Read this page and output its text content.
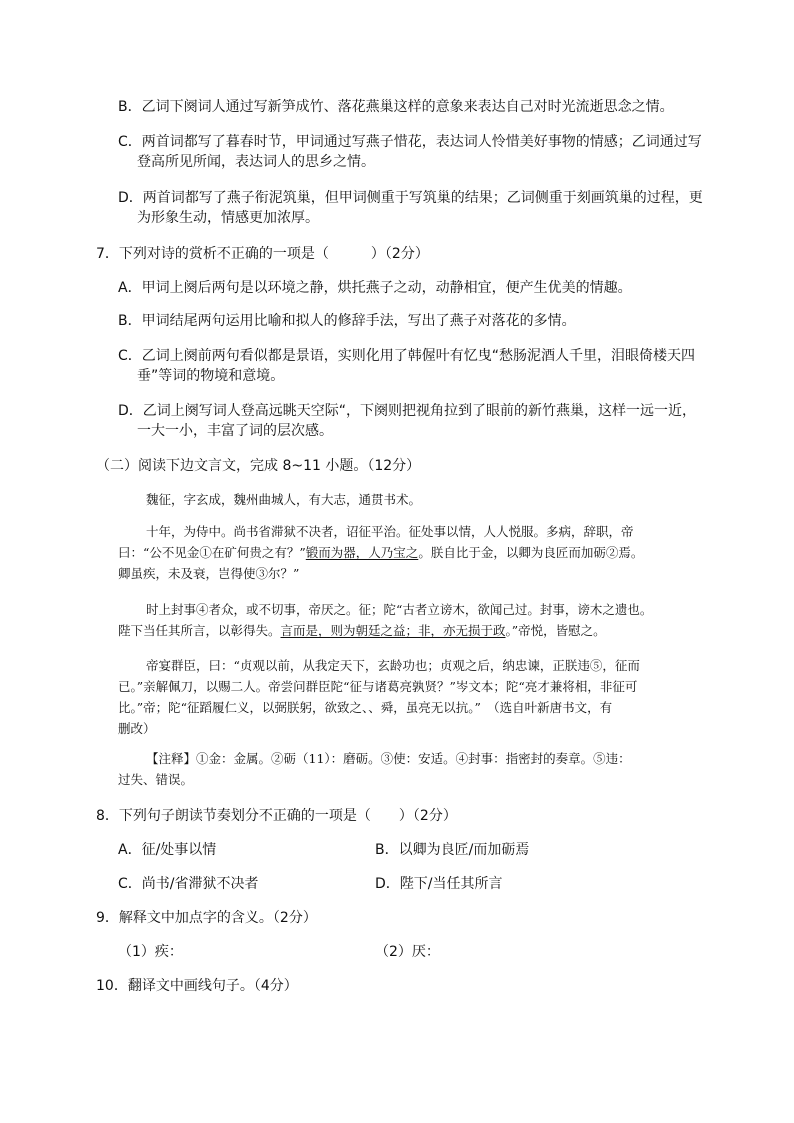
B．乙词下阕词人通过写新笋成竹、落花燕巢这样的意象来表达自己对时光流逝思念之情。
C．两首词都写了暮春时节，甲词通过写燕子惜花，表达词人怜惜美好事物的情感；乙词通过写
登高所见所闻，表达词人的思乡之情。
D．两首词都写了燕子衔泥筑巢，但甲词侧重于写筑巢的结果；乙词侧重于刻画筑巢的过程，更
为形象生动，情感更加浓厚。
7．下列对诗的赏析不正确的一项是（　　　）（2分）
A．甲词上阕后两句是以环境之静，烘托燕子之动，动静相宜，便产生优美的情趣。
B．甲词结尾两句运用比喻和拟人的修辞手法，写出了燕子对落花的多情。
C．乙词上阕前两句看似都是景语，实则化用了韩偓叶有忆曳“愁肠泥酒人千里，泪眼倚楼天四
垂”等词的物境和意境。
D．乙词上阕写词人登高远眺天空际“，下阕则把视角拉到了眼前的新竹燕巢，这样一远一近，
一大一小，丰富了词的层次感。
（二）阅读下边文言文，完成 8~11 小题。（12分）
魏征，字玄成，魏州曲城人，有大志，通贯书术。
十年，为侍中。尚书省滞狱不决者，诏征平治。征处事以情，人人悦服。多病，辞职，帝
曰：“公不见金①在矿何贵之有？”锻而为器，人乃宝之。朕自比于金，以卿为良匠而加砺②焉。
卿虽疾，未及衰，岂得使③尔？”
时上封事④者众，或不切事，帝厌之。征；陀“古者立谤木，欲闻己过。封事，谤木之遗也。
陛下当任其所言，以彰得失。言而是，则为朝廷之益；非，亦无损于政。”帝悦，皆慰之。
帝宴群臣，曰：“贞观以前，从我定天下，玄龄功也；贞观之后，纳忠谏，正朕违⑤，征而
已。”亲解佩刀，以赐二人。帝尝问群臣陀“征与诸葛亮孰贤？”岑文本；陀“亮才兼将相，非征可
比。”帝；陀“征蹈履仁义，以弼朕躬，欲致之、、舜，虽亮无以抗。”　（选自叶新唐书文，有
删改）
【注释】①金：金属。②砺（11）：磨砺。③使：安适。④封事：指密封的奏章。⑤违：
过失、错误。
8．下列句子朗读节奏划分不正确的一项是（　　）（2分）
A．征/处事以情	B．以卿为良匠/而加砺焉
C．尚书/省滞狱不决者	D．陛下/当任其所言
9．解释文中加点字的含义。（2分）
（1）疾：	（2）厌：
10．翻译文中画线句子。（4分）
